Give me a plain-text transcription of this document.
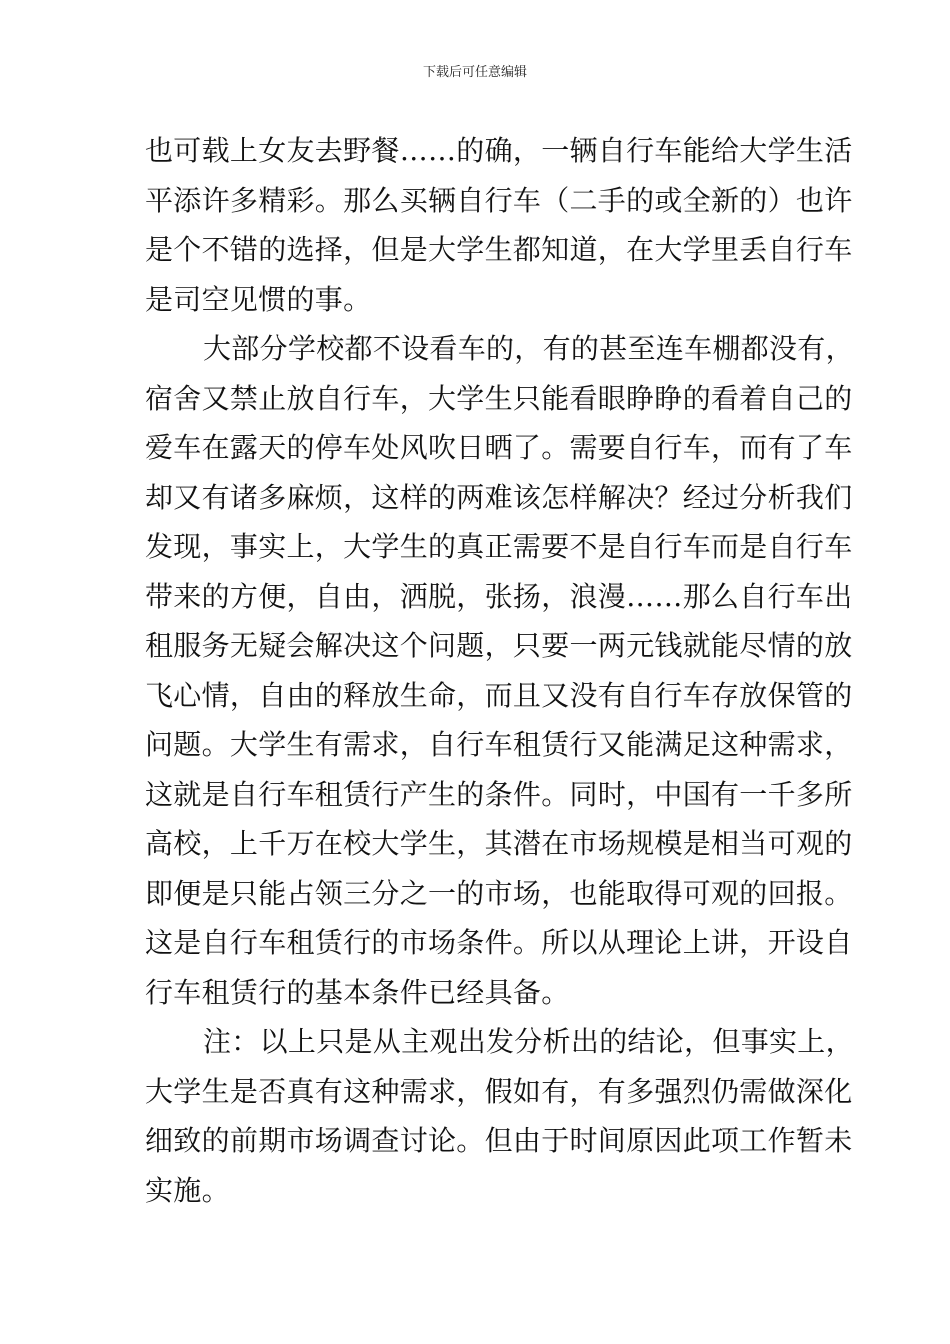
下载后可任意编辑
也可载上女友去野餐……的确，一辆自行车能给大学生活
平添许多精彩。那么买辆自行车（二手的或全新的）也许
是个不错的选择，但是大学生都知道，在大学里丢自行车
是司空见惯的事。
大部分学校都不设看车的，有的甚至连车棚都没有，
宿舍又禁止放自行车，大学生只能看眼睁睁的看着自己的
爱车在露天的停车处风吹日晒了。需要自行车，而有了车
却又有诸多麻烦，这样的两难该怎样解决？经过分析我们
发现，事实上，大学生的真正需要不是自行车而是自行车
带来的方便，自由，洒脱，张扬，浪漫……那么自行车出
租服务无疑会解决这个问题，只要一两元钱就能尽情的放
飞心情，自由的释放生命，而且又没有自行车存放保管的
问题。大学生有需求，自行车租赁行又能满足这种需求，
这就是自行车租赁行产生的条件。同时，中国有一千多所
高校，上千万在校大学生，其潜在市场规模是相当可观的
即便是只能占领三分之一的市场，也能取得可观的回报。
这是自行车租赁行的市场条件。所以从理论上讲，开设自
行车租赁行的基本条件已经具备。
注：以上只是从主观出发分析出的结论，但事实上，
大学生是否真有这种需求，假如有，有多强烈仍需做深化
细致的前期市场调查讨论。但由于时间原因此项工作暂未
实施。
